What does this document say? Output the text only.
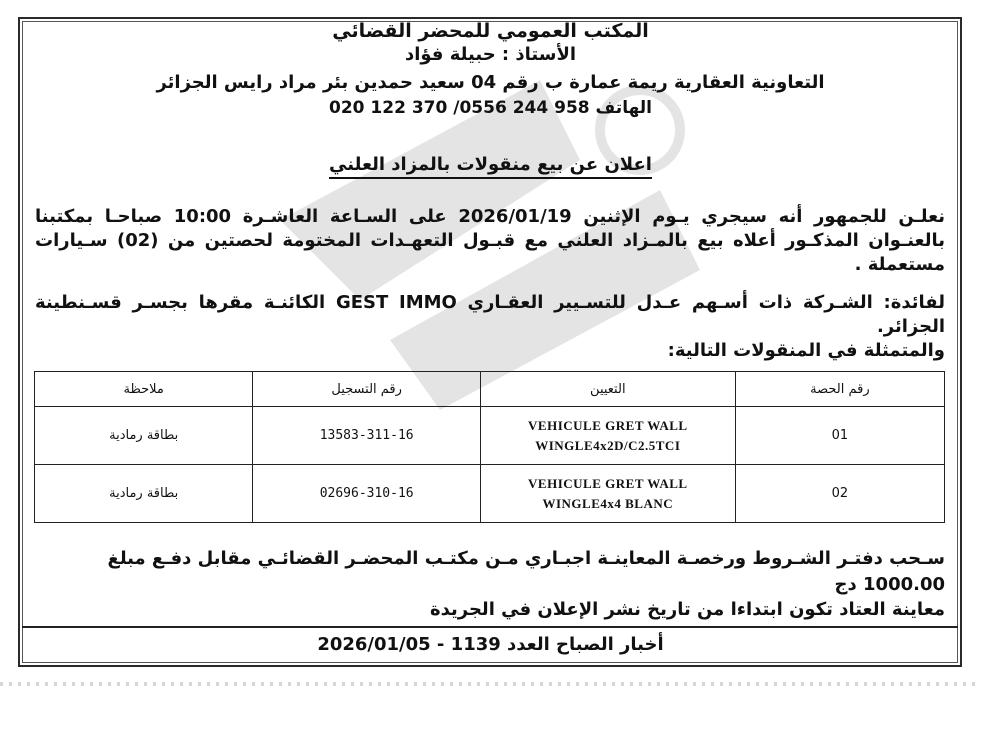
المكتب العمومي للمحضر القضائي
الأستاذ : حبيلة فؤاد
التعاونية العقارية ريمة عمارة ب رقم 04 سعيد حمدين بئر مراد رايس الجزائر
الهاتف 958 244 0556/ 370 122 020
اعلان عن بيع منقولات بالمزاد العلني
نعلـن للجمهور أنه سيجري يـوم الإثنين 2026/01/19 على السـاعة العاشـرة 10:00 صباحـا بمكتبنا بالعنـوان المذكـور أعلاه بيع بالمـزاد العلني مع قبـول التعهـدات المختومة لحصتين من (02) سـيارات مستعملة .
لفائدة: الشـركة ذات أسـهم عـدل للتسـيير العقـاري GEST IMMO الكائنـة مقرها بجسـر قسـنطينة الجزائر.
والمتمثلة في المنقولات التالية:
رقم الحصة	التعيين	رقم التسجيل	ملاحظة
01	VEHICULE GRET WALL
WINGLE4x2D/C2.5TCI	13583-311-16	بطاقة رمادية
02	VEHICULE GRET WALL
WINGLE4x4 BLANC	02696-310-16	بطاقة رمادية
سـحب دفتـر الشـروط ورخصـة المعاينـة اجبـاري مـن مكتـب المحضـر القضائـي مقابل دفـع مبلغ
1000.00 دج
معاينة العتاد تكون ابتداءا من تاريخ نشر الإعلان في الجريدة
أخبار الصباح العدد 1139 - 2026/01/05
